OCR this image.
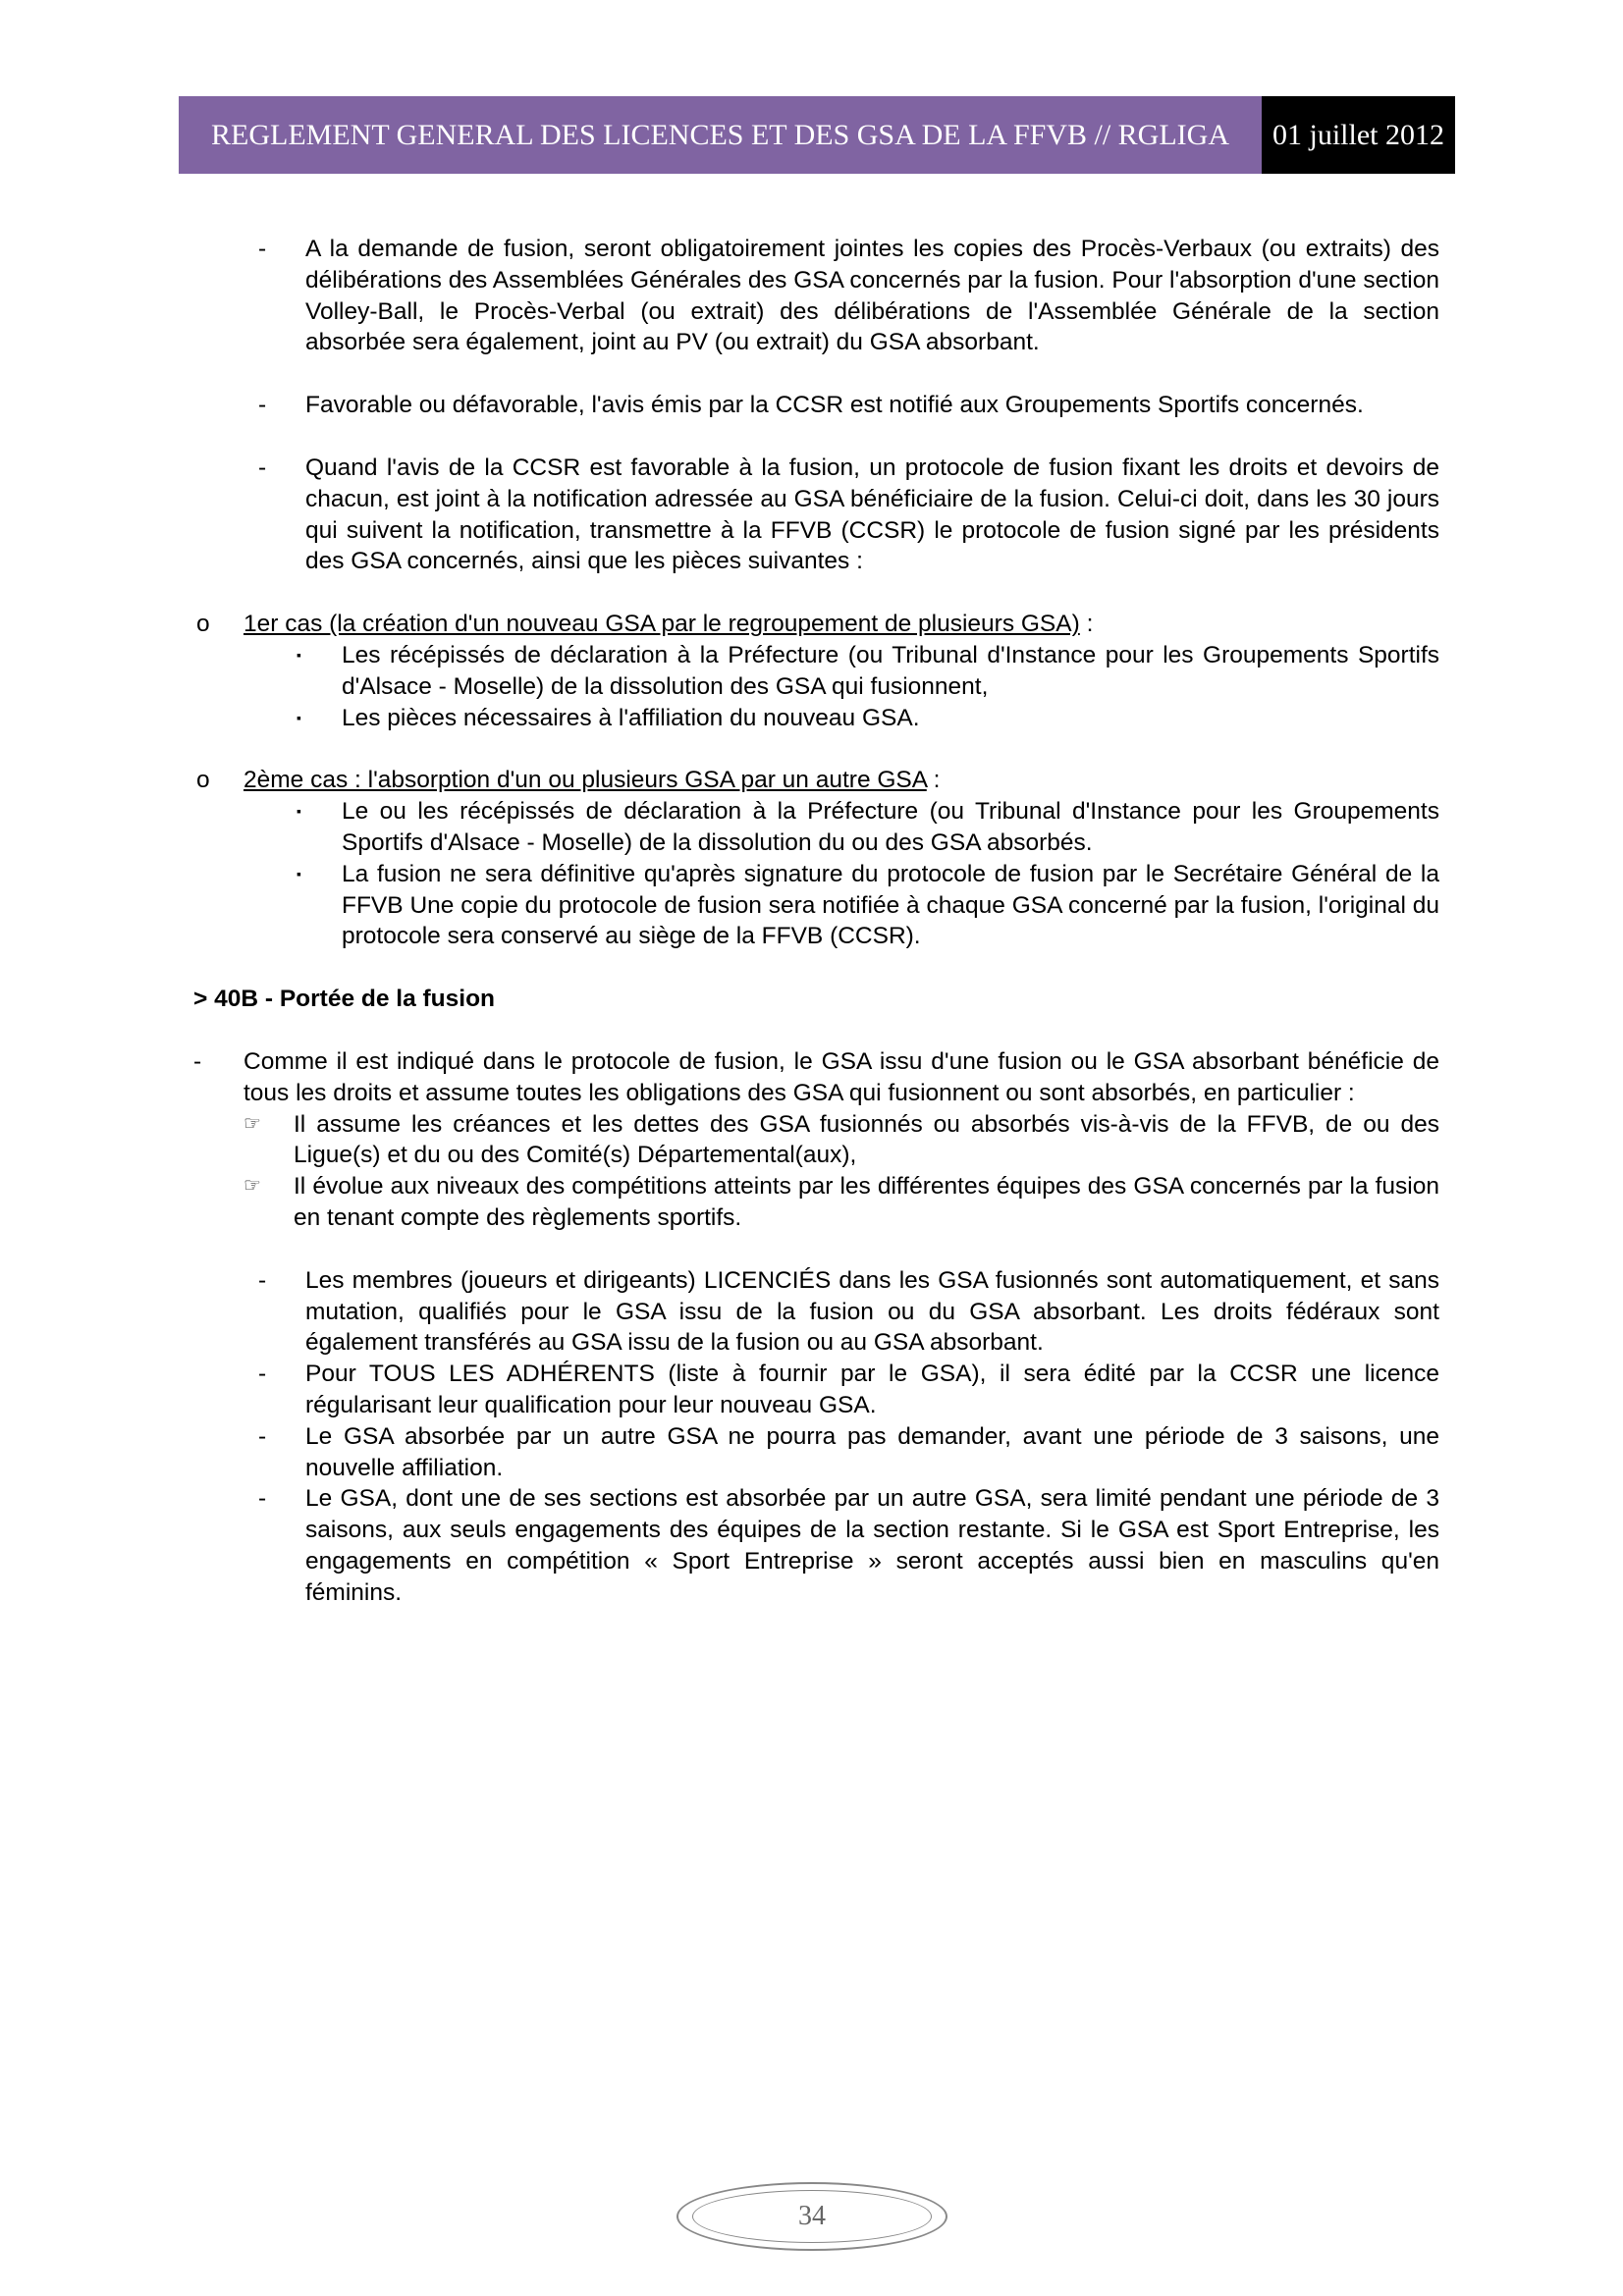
REGLEMENT GENERAL DES LICENCES ET DES GSA DE LA FFVB // RGLIGA	01 juillet 2012
- A la demande de fusion, seront obligatoirement jointes les copies des Procès-Verbaux (ou extraits) des délibérations des Assemblées Générales des GSA concernés par la fusion. Pour l'absorption d'une section Volley-Ball, le Procès-Verbal (ou extrait) des délibérations de l'Assemblée Générale de la section absorbée sera également, joint au PV (ou extrait) du GSA absorbant.
- Favorable ou défavorable, l'avis émis par la CCSR est notifié aux Groupements Sportifs concernés.
- Quand l'avis de la CCSR est favorable à la fusion, un protocole de fusion fixant les droits et devoirs de chacun, est joint à la notification adressée au GSA bénéficiaire de la fusion. Celui-ci doit, dans les 30 jours qui suivent la notification, transmettre à la FFVB (CCSR) le protocole de fusion signé par les présidents des GSA concernés, ainsi que les pièces suivantes :
o 1er cas (la création d'un nouveau GSA par le regroupement de plusieurs GSA) :
▪ Les récépissés de déclaration à la Préfecture (ou Tribunal d'Instance pour les Groupements Sportifs d'Alsace - Moselle) de la dissolution des GSA qui fusionnent,
▪ Les pièces nécessaires à l'affiliation du nouveau GSA.
o 2ème cas : l'absorption d'un ou plusieurs GSA par un autre GSA :
▪ Le ou les récépissés de déclaration à la Préfecture (ou Tribunal d'Instance pour les Groupements Sportifs d'Alsace - Moselle) de la dissolution du ou des GSA absorbés.
▪ La fusion ne sera définitive qu'après signature du protocole de fusion par le Secrétaire Général de la FFVB Une copie du protocole de fusion sera notifiée à chaque GSA concerné par la fusion, l'original du protocole sera conservé au siège de la FFVB (CCSR).
> 40B - Portée de la fusion
- Comme il est indiqué dans le protocole de fusion, le GSA issu d'une fusion ou le GSA absorbant bénéficie de tous les droits et assume toutes les obligations des GSA qui fusionnent ou sont absorbés, en particulier :
☞ Il assume les créances et les dettes des GSA fusionnés ou absorbés vis-à-vis de la FFVB, de ou des Ligue(s) et du ou des Comité(s) Départemental(aux),
☞ Il évolue aux niveaux des compétitions atteints par les différentes équipes des GSA concernés par la fusion en tenant compte des règlements sportifs.
- Les membres (joueurs et dirigeants) LICENCIÉS dans les GSA fusionnés sont automatiquement, et sans mutation, qualifiés pour le GSA issu de la fusion ou du GSA absorbant. Les droits fédéraux sont également transférés au GSA issu de la fusion ou au GSA absorbant.
- Pour TOUS LES ADHÉRENTS (liste à fournir par le GSA), il sera édité par la CCSR une licence régularisant leur qualification pour leur nouveau GSA.
- Le GSA absorbée par un autre GSA ne pourra pas demander, avant une période de 3 saisons, une nouvelle affiliation.
- Le GSA, dont une de ses sections est absorbée par un autre GSA, sera limité pendant une période de 3 saisons, aux seuls engagements des équipes de la section restante. Si le GSA est Sport Entreprise, les engagements en compétition « Sport Entreprise » seront acceptés aussi bien en masculins qu'en féminins.
34
